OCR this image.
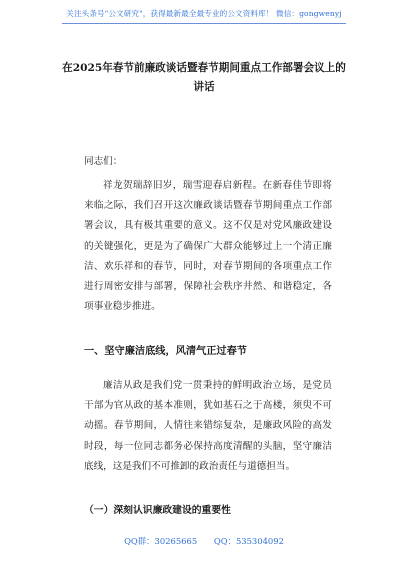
关注头条号"公文研究"，获得最新最全最专业的公文资料库！ 微信：gongwenyj
在2025年春节前廉政谈话暨春节期间重点工作部署会议上的讲话
同志们：
祥龙贺瑞辞旧岁，瑞雪迎春启新程。在新春佳节即将来临之际，我们召开这次廉政谈话暨春节期间重点工作部署会议，具有极其重要的意义。这不仅是对党风廉政建设的关键强化，更是为了确保广大群众能够过上一个清正廉洁、欢乐祥和的春节，同时，对春节期间的各项重点工作进行周密安排与部署，保障社会秩序井然、和谐稳定，各项事业稳步推进。
一、坚守廉洁底线，风清气正过春节
廉洁从政是我们党一贯秉持的鲜明政治立场，是党员干部为官从政的基本准则，犹如基石之于高楼，须臾不可动摇。春节期间，人情往来错综复杂，是廉政风险的高发时段，每一位同志都务必保持高度清醒的头脑，坚守廉洁底线，这是我们不可推卸的政治责任与道德担当。
（一）深刻认识廉政建设的重要性
QQ群：30265665 QQ：535304092
